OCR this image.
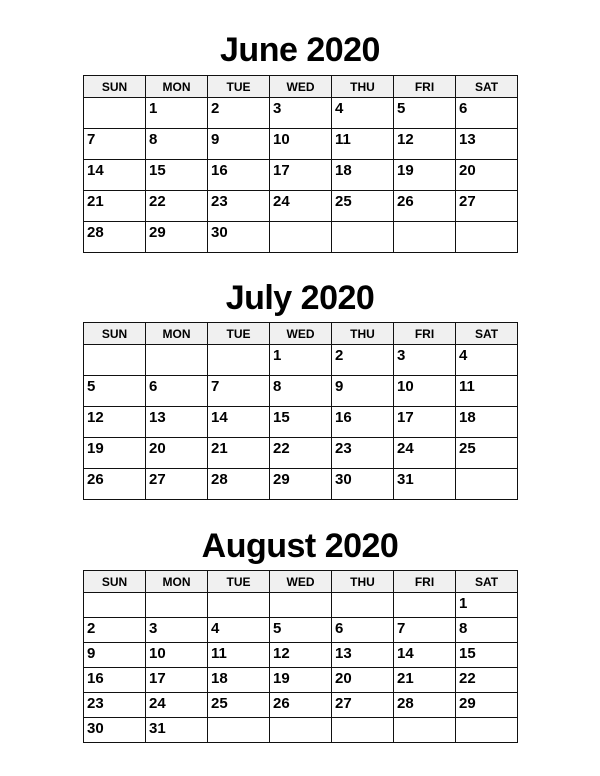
June 2020
SUN	MON	TUE	WED	THU	FRI	SAT
	1	2	3	4	5	6
7	8	9	10	11	12	13
14	15	16	17	18	19	20
21	22	23	24	25	26	27
28	29	30				
July 2020
SUN	MON	TUE	WED	THU	FRI	SAT
			1	2	3	4
5	6	7	8	9	10	11
12	13	14	15	16	17	18
19	20	21	22	23	24	25
26	27	28	29	30	31	
August 2020
SUN	MON	TUE	WED	THU	FRI	SAT
						1
2	3	4	5	6	7	8
9	10	11	12	13	14	15
16	17	18	19	20	21	22
23	24	25	26	27	28	29
30	31					
